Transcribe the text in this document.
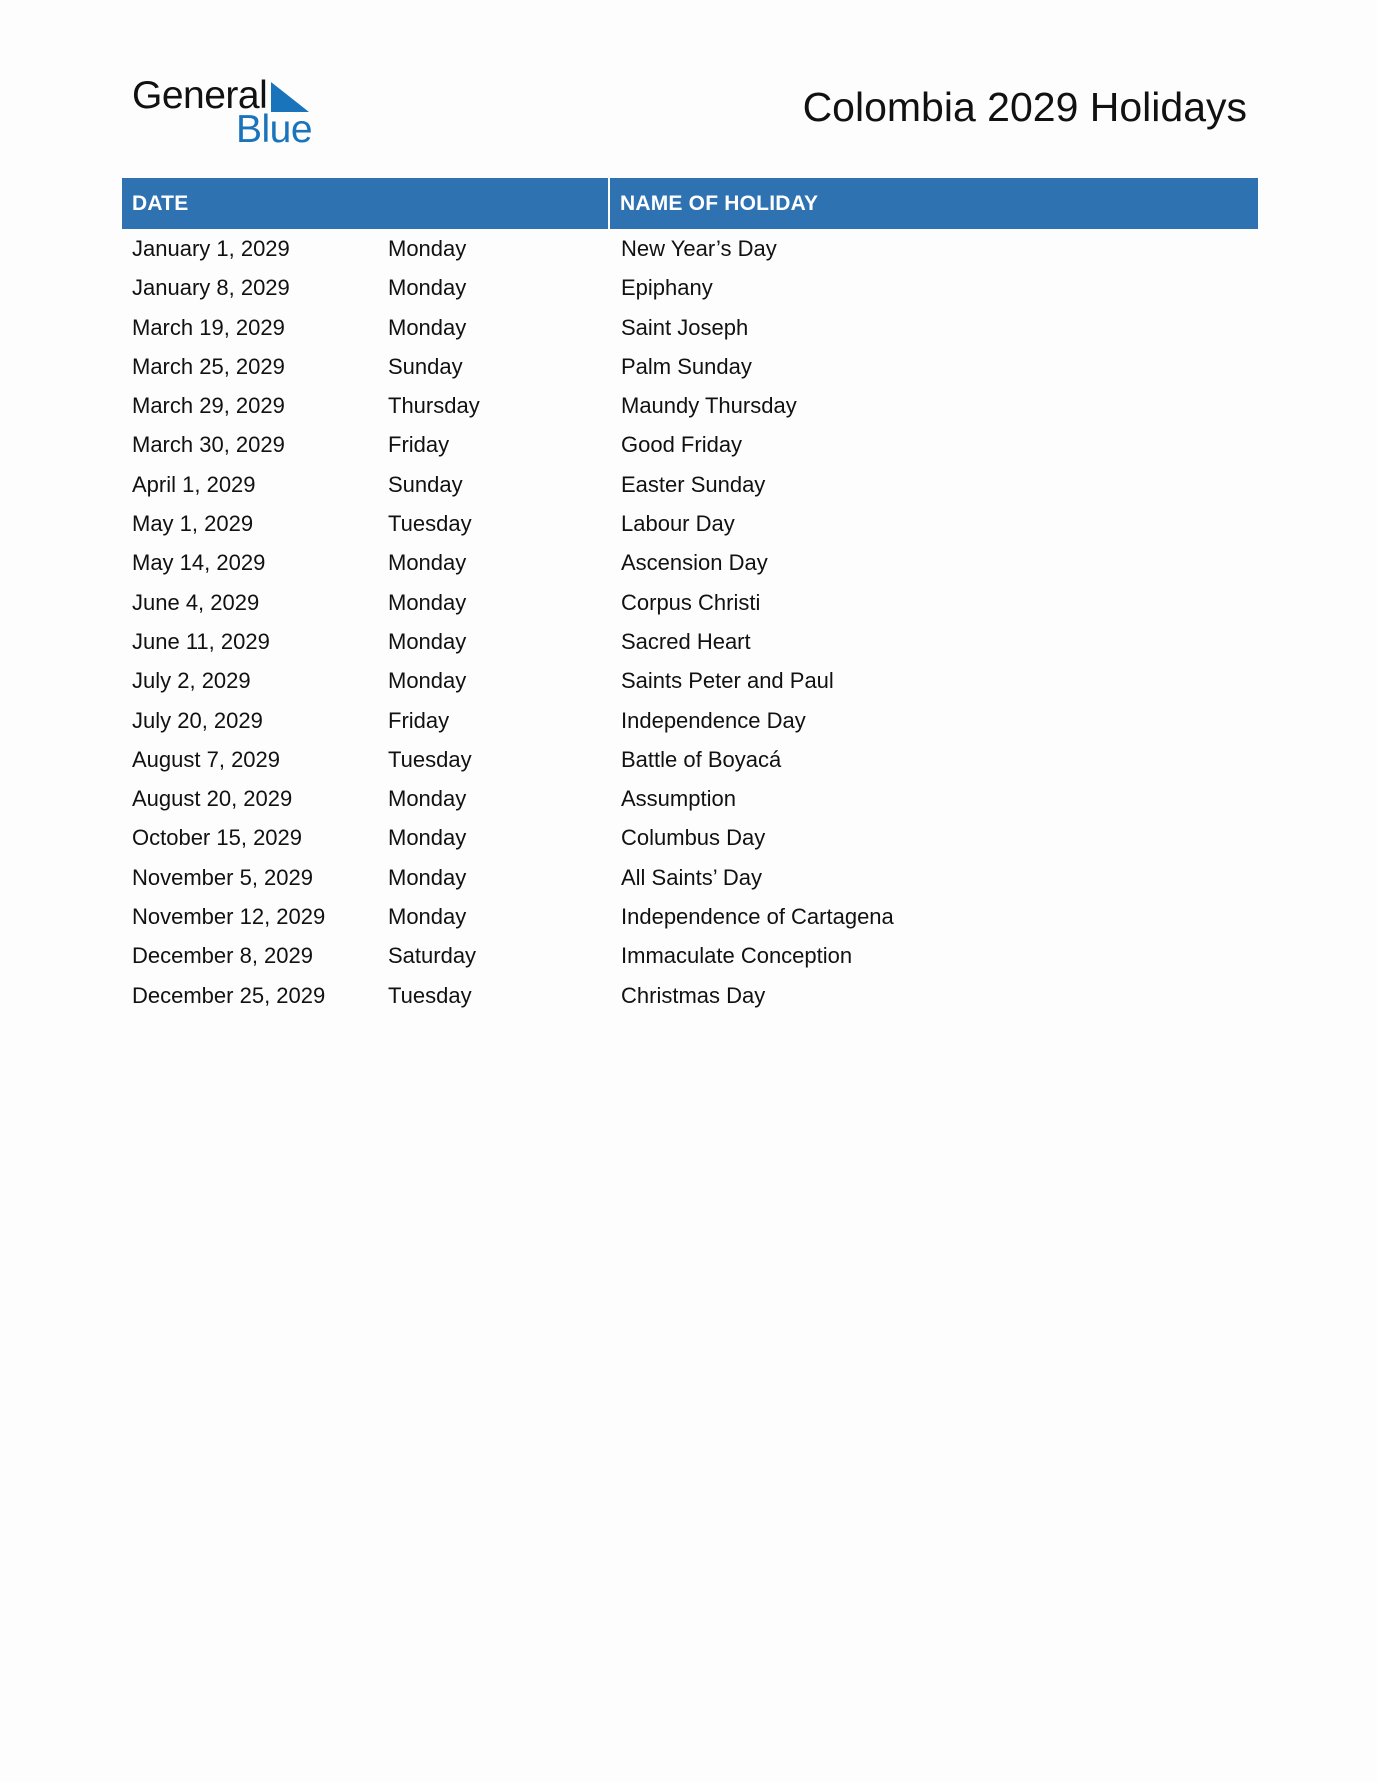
General
Blue	Colombia 2029 Holidays
DATE	NAME OF HOLIDAY
January 1, 2029	Monday	New Year’s Day
January 8, 2029	Monday	Epiphany
March 19, 2029	Monday	Saint Joseph
March 25, 2029	Sunday	Palm Sunday
March 29, 2029	Thursday	Maundy Thursday
March 30, 2029	Friday	Good Friday
April 1, 2029	Sunday	Easter Sunday
May 1, 2029	Tuesday	Labour Day
May 14, 2029	Monday	Ascension Day
June 4, 2029	Monday	Corpus Christi
June 11, 2029	Monday	Sacred Heart
July 2, 2029	Monday	Saints Peter and Paul
July 20, 2029	Friday	Independence Day
August 7, 2029	Tuesday	Battle of Boyacá
August 20, 2029	Monday	Assumption
October 15, 2029	Monday	Columbus Day
November 5, 2029	Monday	All Saints’ Day
November 12, 2029	Monday	Independence of Cartagena
December 8, 2029	Saturday	Immaculate Conception
December 25, 2029	Tuesday	Christmas Day
